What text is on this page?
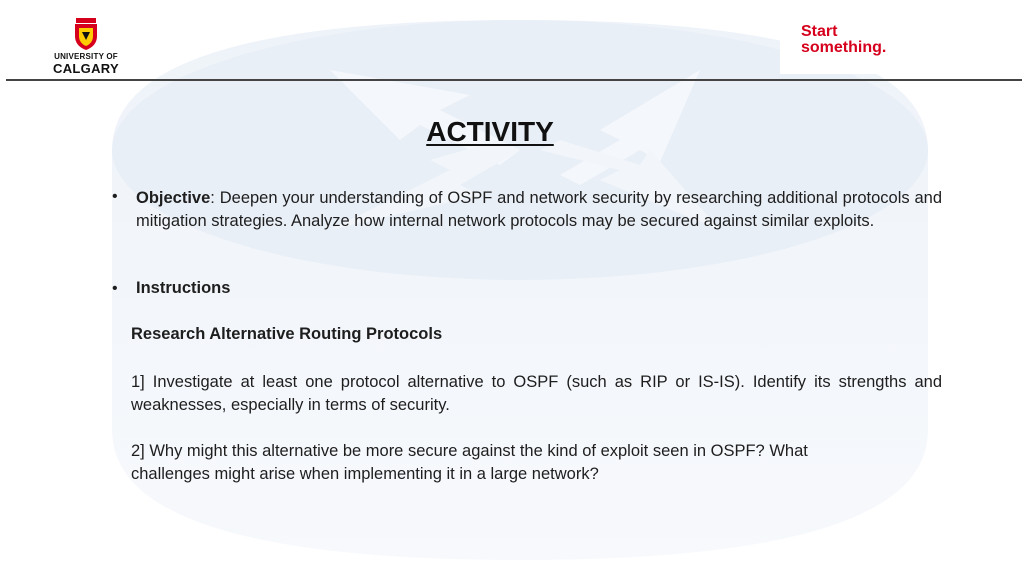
UNIVERSITY OF
CALGARY
Start
something.
ACTIVITY
• Objective: Deepen your understanding of OSPF and network security by researching additional protocols and mitigation strategies. Analyze how internal network protocols may be secured against similar exploits.
• Instructions
Research Alternative Routing Protocols
1] Investigate at least one protocol alternative to OSPF (such as RIP or IS-IS). Identify its strengths and weaknesses, especially in terms of security.
2] Why might this alternative be more secure against the kind of exploit seen in OSPF? What challenges might arise when implementing it in a large network?
